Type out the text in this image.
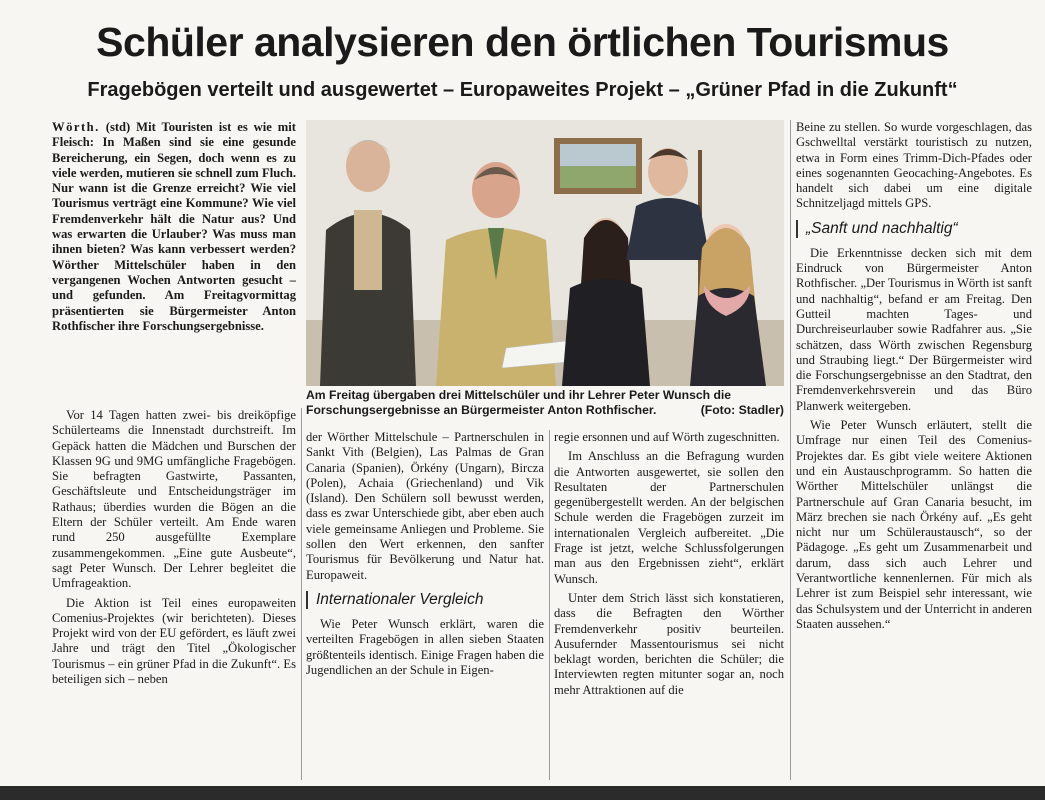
Schüler analysieren den örtlichen Tourismus
Fragebögen verteilt und ausgewertet – Europaweites Projekt – „Grüner Pfad in die Zukunft“

Wörth. (std) Mit Touristen ist es wie mit Fleisch: In Maßen sind sie eine gesunde Bereicherung, ein Segen, doch wenn es zu viele werden, mutieren sie schnell zum Fluch. Nur wann ist die Grenze erreicht? Wie viel Tourismus verträgt eine Kommune? Wie viel Fremdenverkehr hält die Natur aus? Und was erwarten die Urlauber? Was muss man ihnen bieten? Was kann verbessert werden? Wörther Mittelschüler haben in den vergangenen Wochen Antworten gesucht – und gefunden. Am Freitagvormittag präsentierten sie Bürgermeister Anton Rothfischer ihre Forschungsergebnisse.

Am Freitag übergaben drei Mittelschüler und ihr Lehrer Peter Wunsch die Forschungsergebnisse an Bürgermeister Anton Rothfischer.	(Foto: Stadler)

Vor 14 Tagen hatten zwei- bis dreiköpfige Schülerteams die Innenstadt durchstreift. Im Gepäck hatten die Mädchen und Burschen der Klassen 9G und 9MG umfängliche Fragebögen. Sie befragten Gastwirte, Passanten, Geschäftsleute und Entscheidungsträger im Rathaus; überdies wurden die Bögen an die Eltern der Schüler verteilt. Am Ende waren rund 250 ausgefüllte Exemplare zusammengekommen. „Eine gute Ausbeute“, sagt Peter Wunsch. Der Lehrer begleitet die Umfrageaktion.

Die Aktion ist Teil eines europaweiten Comenius-Projektes (wir berichteten). Dieses Projekt wird von der EU gefördert, es läuft zwei Jahre und trägt den Titel „Ökologischer Tourismus – ein grüner Pfad in die Zukunft“. Es beteiligen sich – neben

der Wörther Mittelschule – Partnerschulen in Sankt Vith (Belgien), Las Palmas de Gran Canaria (Spanien), Örkény (Ungarn), Bircza (Polen), Achaia (Griechenland) und Vik (Island). Den Schülern soll bewusst werden, dass es zwar Unterschiede gibt, aber eben auch viele gemeinsame Anliegen und Probleme. Sie sollen den Wert erkennen, den sanfter Tourismus für Bevölkerung und Natur hat. Europaweit.

Internationaler Vergleich

Wie Peter Wunsch erklärt, waren die verteilten Fragebögen in allen sieben Staaten größtenteils identisch. Einige Fragen haben die Jugendlichen an der Schule in Eigen-

regie ersonnen und auf Wörth zugeschnitten.

Im Anschluss an die Befragung wurden die Antworten ausgewertet, sie sollen den Resultaten der Partnerschulen gegenübergestellt werden. An der belgischen Schule werden die Fragebögen zurzeit im internationalen Vergleich aufbereitet. „Die Frage ist jetzt, welche Schlussfolgerungen man aus den Ergebnissen zieht“, erklärt Wunsch.

Unter dem Strich lässt sich konstatieren, dass die Befragten den Wörther Fremdenverkehr positiv beurteilen. Ausufernder Massentourismus sei nicht beklagt worden, berichten die Schüler; die Interviewten regten mitunter sogar an, noch mehr Attraktionen auf die

Beine zu stellen. So wurde vorgeschlagen, das Gschwelltal verstärkt touristisch zu nutzen, etwa in Form eines Trimm-Dich-Pfades oder eines sogenannten Geocaching-Angebotes. Es handelt sich dabei um eine digitale Schnitzeljagd mittels GPS.

„Sanft und nachhaltig“

Die Erkenntnisse decken sich mit dem Eindruck von Bürgermeister Anton Rothfischer. „Der Tourismus in Wörth ist sanft und nachhaltig“, befand er am Freitag. Den Gutteil machten Tages- und Durchreiseurlauber sowie Radfahrer aus. „Sie schätzen, dass Wörth zwischen Regensburg und Straubing liegt.“ Der Bürgermeister wird die Forschungsergebnisse an den Stadtrat, den Fremdenverkehrsverein und das Büro Planwerk weitergeben.

Wie Peter Wunsch erläutert, stellt die Umfrage nur einen Teil des Comenius-Projektes dar. Es gibt viele weitere Aktionen und ein Austauschprogramm. So hatten die Wörther Mittelschüler unlängst die Partnerschule auf Gran Canaria besucht, im März brechen sie nach Örkény auf. „Es geht nicht nur um Schüleraustausch“, so der Pädagoge. „Es geht um Zusammenarbeit und darum, dass sich auch Lehrer und Verantwortliche kennenlernen. Für mich als Lehrer ist zum Beispiel sehr interessant, wie das Schulsystem und der Unterricht in anderen Staaten aussehen.“
